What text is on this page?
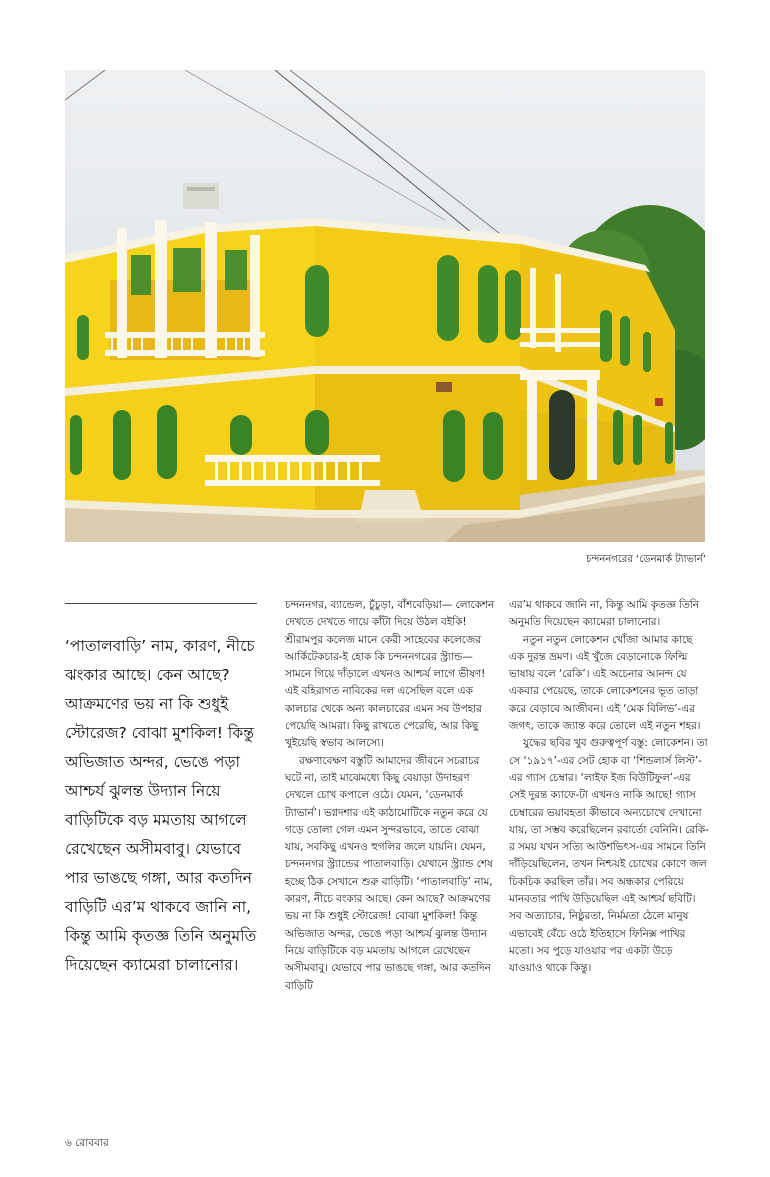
চন্দননগরের ‘ডেনমার্ক ট্যাভার্ন’
‘পাতালবাড়ি’ নাম, কারণ, নীচে ঝংকার আছে। কেন আছে? আক্রমণের ভয় না কি শুধুই স্টোরেজ? বোঝা মুশকিল! কিন্তু অভিজাত অন্দর, ভেঙে পড়া আশ্চর্য ঝুলন্ত উদ্যান নিয়ে বাড়িটিকে বড় মমতায় আগলে রেখেছেন অসীমবাবু। যেভাবে পার ভাঙছে গঙ্গা, আর কতদিন বাড়িটি এর’ম থাকবে জানি না, কিন্তু আমি কৃতজ্ঞ তিনি অনুমতি দিয়েছেন ক্যামেরা চালানোর।

চন্দননগর, ব্যান্ডেল, চুঁচুড়া, বাঁশবেড়িয়া— লোকেশন দেখতে দেখতে গায়ে কাঁটা দিয়ে উঠল বইকি! শ্রীরামপুর কলেজ মানে কেরী সাহেবের কলেজের আর্কিটেকচার-ই হোক কি চন্দননগরের স্ট্র্যান্ড— সামনে গিয়ে দাঁড়ালে এখনও আশ্চর্য লাগে ভীষণ! এই বহিরাগত নাবিকের দল এসেছিল বলে এক কালচার থেকে অন্য কালচারের এমন সব উপহার পেয়েছি আমরা। কিছু রাখতে পেরেছি, আর কিছু খুইয়েছি স্বভাব আলস্যে।

রক্ষণাবেক্ষণ বস্তুটি আমাদের জীবনে সচরাচর ঘটে না, তাই মাঝেমধ্যে কিছু বেয়াড়া উদাহরণ দেখলে চোখ কপালে ওঠে। যেমন, ‘ডেনমার্ক ট্যাভার্ন’। ভগ্নদশার এই কাঠামোটিকে নতুন করে যে গড়ে তোলা গেল এমন সুন্দরভাবে, তাতে বোঝা যায়, সবকিছু এখনও হুগলির জলে যায়নি। যেমন, চন্দননগর স্ট্র্যান্ডের পাতালবাড়ি। যেখানে স্ট্র্যান্ড শেষ হচ্ছে ঠিক সেখানে শুরু বাড়িটি। ‘পাতালবাড়ি’ নাম, কারণ, নীচে বংকার আছে। কেন আছে? আক্রমণের ভয় না কি শুধুই স্টোরেজ! বোঝা মুশকিল! কিন্তু অভিজাত অন্দর, ভেঙে পড়া আশ্চর্য ঝুলন্ত উদ্যান নিয়ে বাড়িটিকে বড় মমতায় আগলে রেখেছেন অসীমবাবু। যেভাবে পার ভাঙছে গঙ্গা, আর কতদিন বাড়িটি

এর’ম থাকবে জানি না, কিন্তু আমি কৃতজ্ঞ তিনি অনুমতি দিয়েছেন ক্যামেরা চালানোর।

নতুন নতুন লোকেশন খোঁজা আমার কাছে এক দুরন্ত ভ্রমণ। এই খুঁজে বেড়ানোকে ফিল্মি ভাষায় বলে ‘রেকি’। এই অচেনার আনন্দ যে একবার পেয়েছে, তাকে লোকেশনের ভূত তাড়া করে বেড়াবে আজীবন। এই ‘মেক বিলিভ’-এর জগৎ, তাকে জ্যান্ত করে তোলে এই নতুন শহর।

যুদ্ধের ছবির খুব গুরুত্বপূর্ণ বস্তু: লোকেশন। তা সে ‘১৯১৭’-এর সেট হোক বা ‘শিন্ডলার্স লিস্ট’-এর গ্যাস চেম্বার। ‘লাইফ ইজ বিউটিফুল’-এর সেই দুরন্ত ক্যাফে-টা এখনও নাকি আছে! গ্যাস চেম্বারের ভয়াবহতা কীভাবে অন্যচোখে দেখানো যায়, তা সম্ভব করেছিলেন রবার্তো বেনিনি। রেকি-র সময় যখন সত্যি আউশভিৎস-এর সামনে তিনি দাঁড়িয়েছিলেন, তখন নিশ্চয়ই চোখের কোণে জল চিকচিক করছিল তাঁর। সব অন্ধকার পেরিয়ে মানবতার পাখি উড়িয়েছিল এই আশ্চর্য ছবিটি। সব অত্যাচার, নিষ্ঠুরতা, নির্মমতা ঠেলে মানুষ এভাবেই বেঁচে ওঠে ইতিহাসে ফিনিক্স পাখির মতো। সব পুড়ে যাওয়ার পর একটা উড়ে যাওয়াও থাকে কিন্তু।

৬ রোববার
